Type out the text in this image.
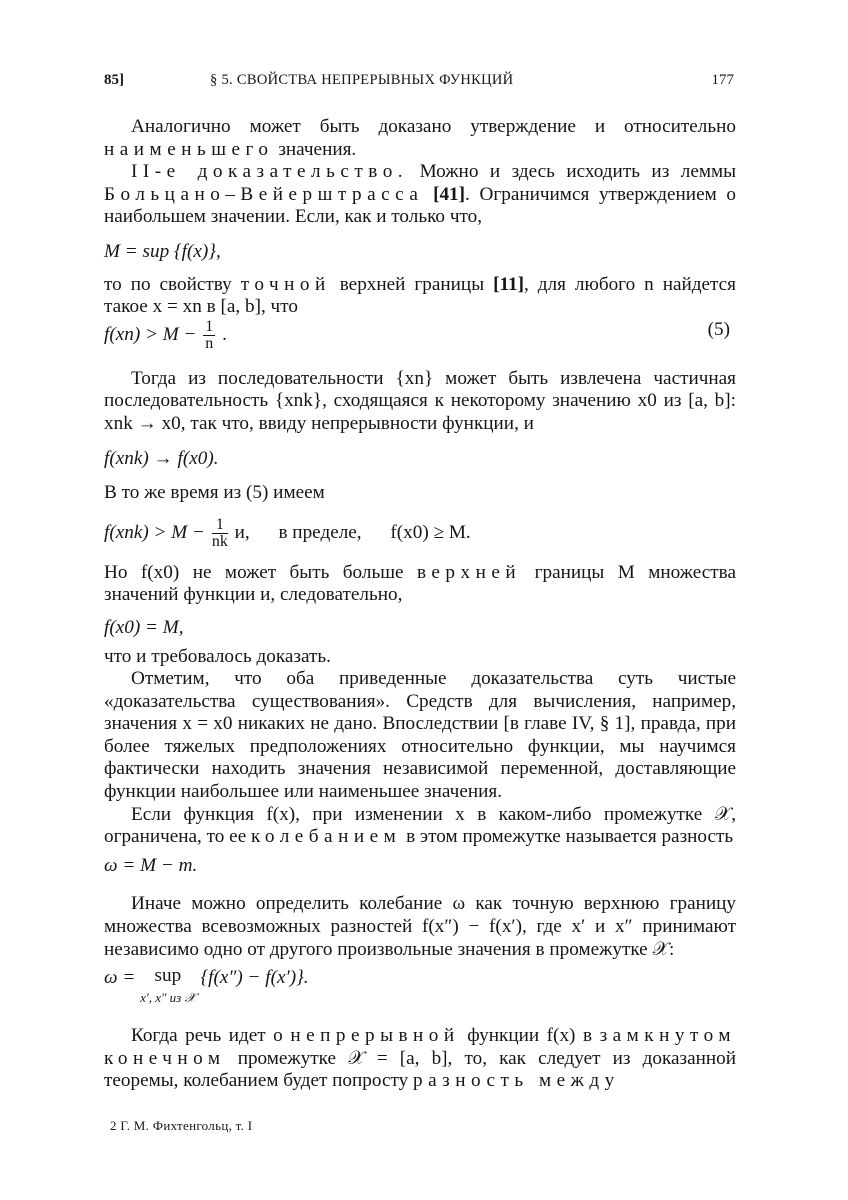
85]	§ 5. СВОЙСТВА НЕПРЕРЫВНЫХ ФУНКЦИЙ	177

Аналогично может быть доказано утверждение и относительно наименьшего значения.

II-е доказательство. Можно и здесь исходить из леммы Больцано–Вейерштрасса [41]. Ограничимся утверждением о наибольшем значении. Если, как и только что,

M = sup {f(x)},

то по свойству точной верхней границы [11], для любого n найдется такое x = xn в [a, b], что

$f(xn) > M - \frac{1}{n}$ .	(5)

Тогда из последовательности {xn} может быть извлечена частичная последовательность {xnk}, сходящаяся к некоторому значению x0 из [a, b]: xnk → x0, так что, ввиду непрерывности функции, и

f(xnk) → f(x0).

В то же время из (5) имеем

$f(xnk) > M - \frac{1}{nk} и$,      в пределе,      f(x0) ≥ M.

Но f(x0) не может быть больше верхней границы M множества значений функции и, следовательно,

f(x0) = M,

что и требовалось доказать.

Отметим, что оба приведенные доказательства суть чистые «доказательства существования». Средств для вычисления, например, значения x = x0 никаких не дано. Впоследствии [в главе IV, § 1], правда, при более тяжелых предположениях относительно функции, мы научимся фактически находить значения независимой переменной, доставляющие функции наибольшее или наименьшее значения.

Если функция f(x), при изменении x в каком-либо промежутке 𝒳, ограничена, то ее колебанием в этом промежутке называется разность

ω = M − m.

Иначе можно определить колебание ω как точную верхнюю границу множества всевозможных разностей f(x″) − f(x′), где x′ и x″ принимают независимо одно от другого произвольные значения в промежутке 𝒳:

ω = sup
x′, x″ из 𝒳
{f(x″) − f(x′)}.

Когда речь идет о непрерывной функции f(x) в замкнутом конечном промежутке 𝒳 = [a, b], то, как следует из доказанной теоремы, колебанием будет попросту разность между

2 Г. М. Фихтенгольц, т. I
